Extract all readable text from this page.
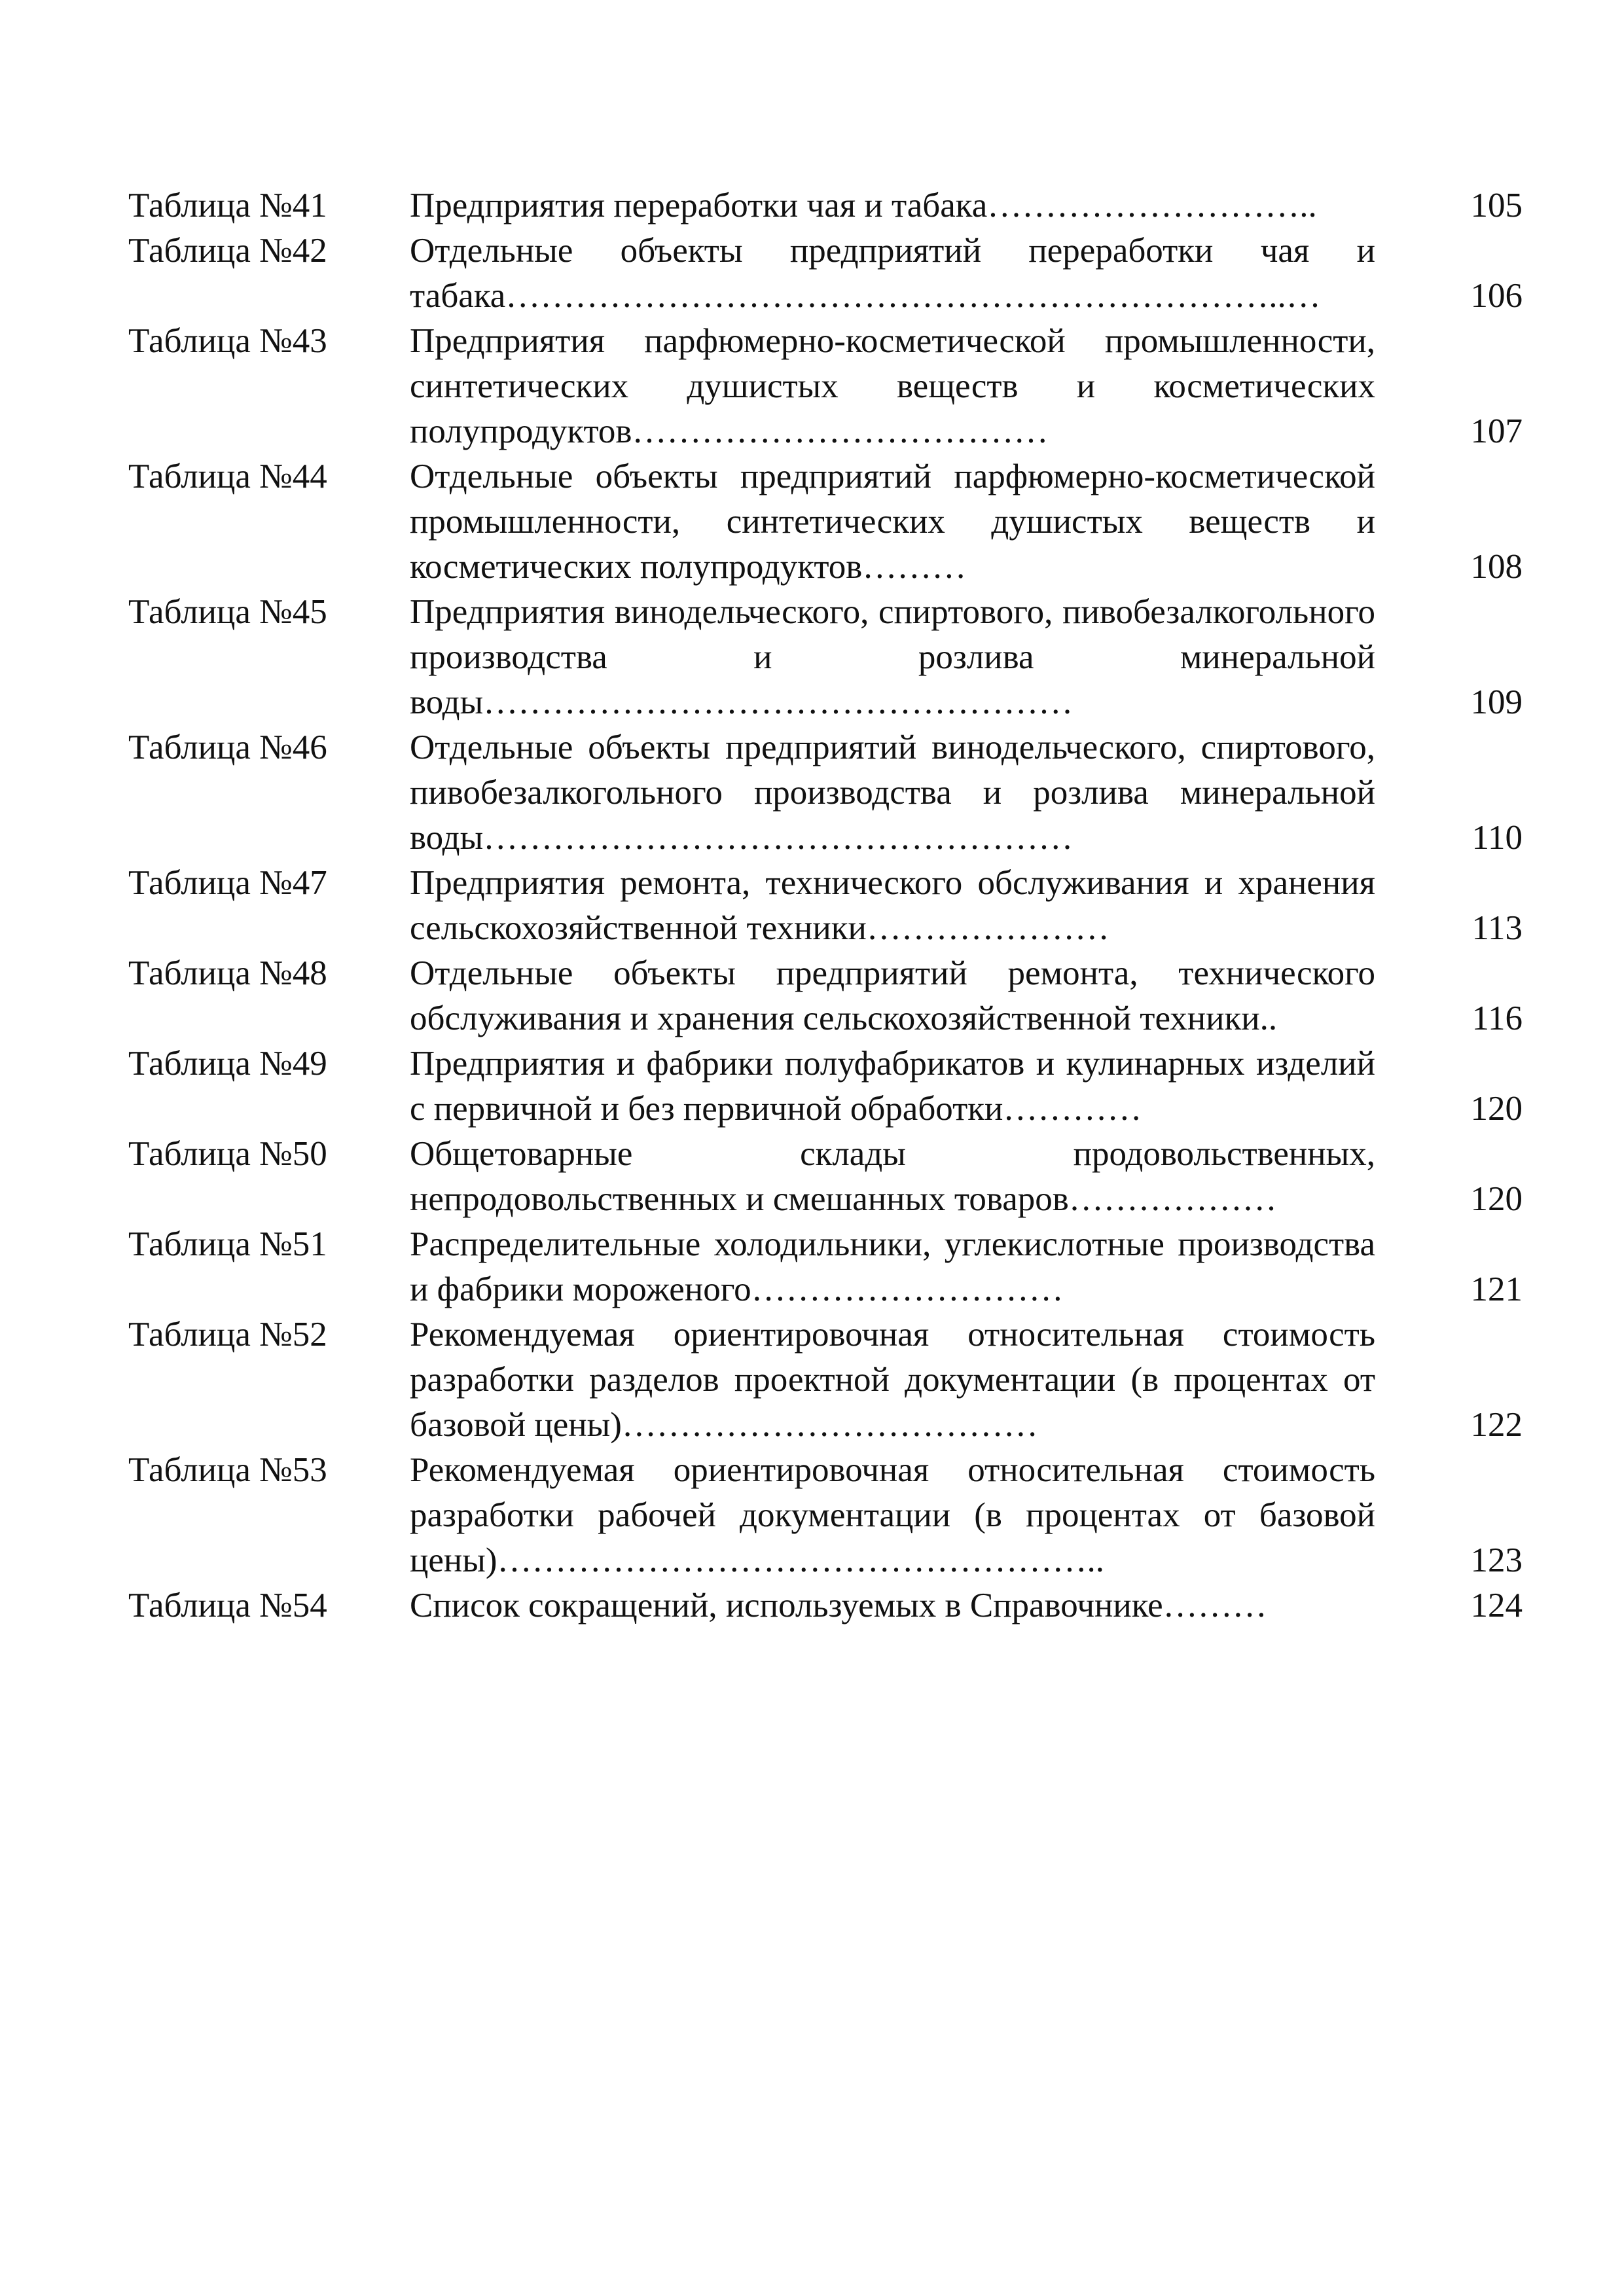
Таблица №41	Предприятия переработки чая и табака………………………..	105
Таблица №42	Отдельные объекты предприятий переработки чая и табака…………………………………………………………..…	106
Таблица №43	Предприятия парфюмерно-косметической промышленности, синтетических душистых веществ и косметических полупродуктов………………………………	107
Таблица №44	Отдельные объекты предприятий парфюмерно-косметической промышленности, синтетических душистых веществ и косметических полупродуктов………	108
Таблица №45	Предприятия винодельческого, спиртового, пивобезалкогольного производства и розлива минеральной воды……………………………………………	109
Таблица №46	Отдельные объекты предприятий винодельческого, спиртового, пивобезалкогольного производства и розлива минеральной воды……………………………………………	110
Таблица №47	Предприятия ремонта, технического обслуживания и хранения сельскохозяйственной техники…………………	113
Таблица №48	Отдельные объекты предприятий ремонта, технического обслуживания и хранения сельскохозяйственной техники..	116
Таблица №49	Предприятия и фабрики полуфабрикатов и кулинарных изделий с первичной и без первичной обработки…………	120
Таблица №50	Общетоварные склады продовольственных, непродовольственных и смешанных товаров………………	120
Таблица №51	Распределительные холодильники, углекислотные производства и фабрики мороженого………………………	121
Таблица №52	Рекомендуемая ориентировочная относительная стоимость разработки разделов проектной документации (в процентах от базовой цены)………………………………	122
Таблица №53	Рекомендуемая ориентировочная относительная стоимость разработки рабочей документации (в процентах от базовой цены)……………………………………………..	123
Таблица №54	Список сокращений, используемых в Справочнике………	124
